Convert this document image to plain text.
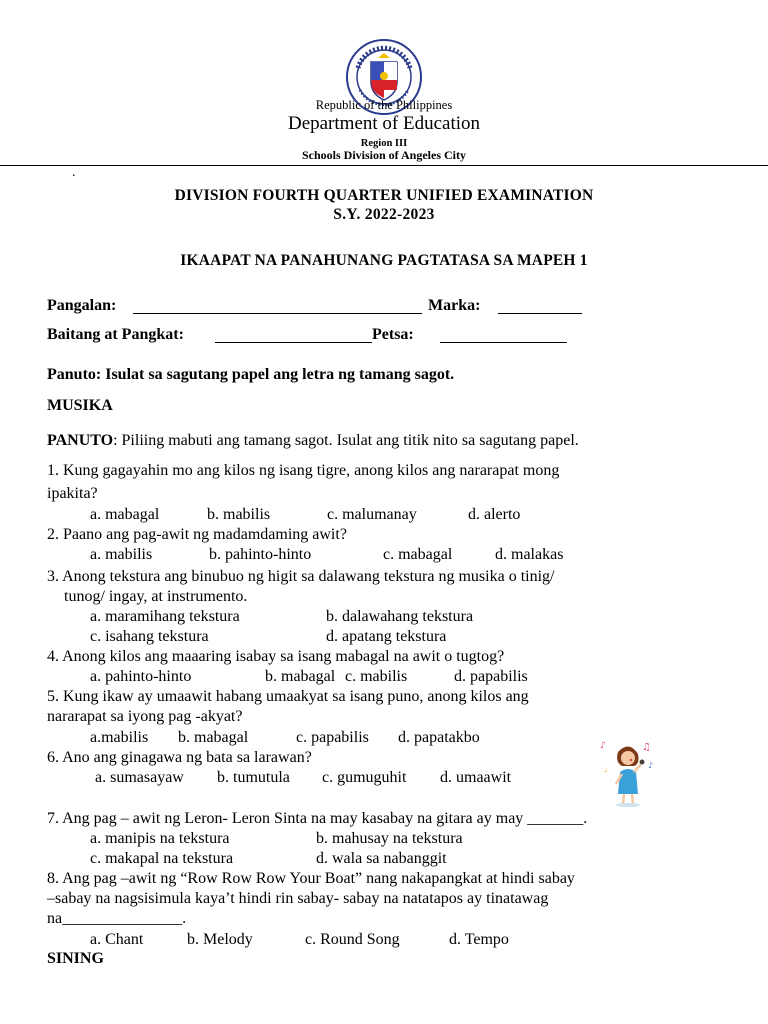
Republic of the Philippines
Department of Education
Region III
Schools Division of Angeles City
.
DIVISION FOURTH QUARTER UNIFIED EXAMINATION
S.Y. 2022-2023
IKAAPAT NA PANAHUNANG PAGTATASA SA MAPEH 1
Pangalan:	Marka:
Baitang at Pangkat:	Petsa:
Panuto: Isulat sa sagutang papel ang letra ng tamang sagot.
MUSIKA
PANUTO: Piliing mabuti ang tamang sagot. Isulat ang titik nito sa sagutang papel.
1. Kung gagayahin mo ang kilos ng isang tigre, anong kilos ang nararapat mong
ipakita?
a. mabagal	b. mabilis	c. malumanay	d. alerto
2. Paano ang pag-awit ng madamdaming awit?
a. mabilis	b. pahinto-hinto	c. mabagal	d. malakas
3. Anong tekstura ang binubuo ng higit sa dalawang tekstura ng musika o tinig/
tunog/ ingay, at instrumento.
a. maramihang tekstura	b. dalawahang tekstura
c. isahang tekstura	d. apatang tekstura
4. Anong kilos ang maaaring isabay sa isang mabagal na awit o tugtog?
a. pahinto-hinto	b. mabagal c. mabilis	d. papabilis
5. Kung ikaw ay umaawit habang umaakyat sa isang puno, anong kilos ang
nararapat sa iyong pag -akyat?
a.mabilis b. mabagal	c. papabilis d. papatakbo
6. Ano ang ginagawa ng bata sa larawan?
a. sumasayaw b. tumutula c. gumuguhit d. umaawit
♪	♫
♪
♩
7. Ang pag – awit ng Leron- Leron Sinta na may kasabay na gitara ay may _______.
a. manipis na tekstura	b. mahusay na tekstura
c. makapal na tekstura	d. wala sa nabanggit
8. Ang pag –awit ng “Row Row Row Your Boat” nang nakapangkat at hindi sabay
–sabay na nagsisimula kaya’t hindi rin sabay- sabay na natatapos ay tinatawag
na_______________.
a. Chant	b. Melody	c. Round Song	d. Tempo
SINING
